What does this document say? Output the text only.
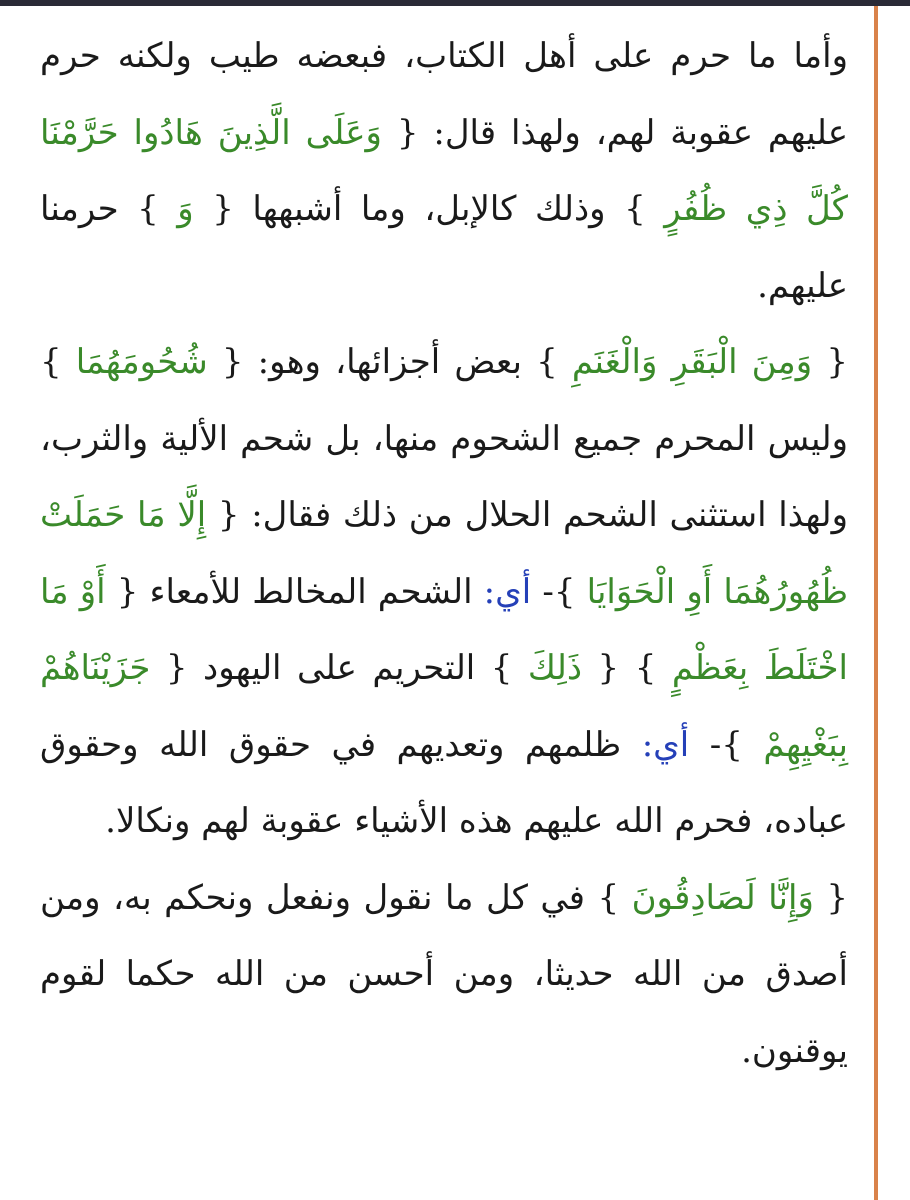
وأما ما حرم على أهل الكتاب، فبعضه طيب ولكنه حرم عليهم عقوبة لهم، ولهذا قال: { وَعَلَى الَّذِينَ هَادُوا حَرَّمْنَا كُلَّ ذِي ظُفُرٍ } وذلك كالإبل، وما أشبهها { وَ } حرمنا عليهم.

{ وَمِنَ الْبَقَرِ وَالْغَنَمِ } بعض أجزائها، وهو: { شُحُومَهُمَا } وليس المحرم جميع الشحوم منها، بل شحم الألية والثرب، ولهذا استثنى الشحم الحلال من ذلك فقال: { إِلَّا مَا حَمَلَتْ ظُهُورُهُمَا أَوِ الْحَوَايَا }- أي: الشحم المخالط للأمعاء { أَوْ مَا اخْتَلَطَ بِعَظْمٍ } { ذَلِكَ } التحريم على اليهود { جَزَيْنَاهُمْ بِبَغْيِهِمْ }- أي: ظلمهم وتعديهم في حقوق الله وحقوق عباده، فحرم الله عليهم هذه الأشياء عقوبة لهم ونكالا.

{ وَإِنَّا لَصَادِقُونَ } في كل ما نقول ونفعل ونحكم به، ومن أصدق من الله حديثا، ومن أحسن من الله حكما لقوم يوقنون.
